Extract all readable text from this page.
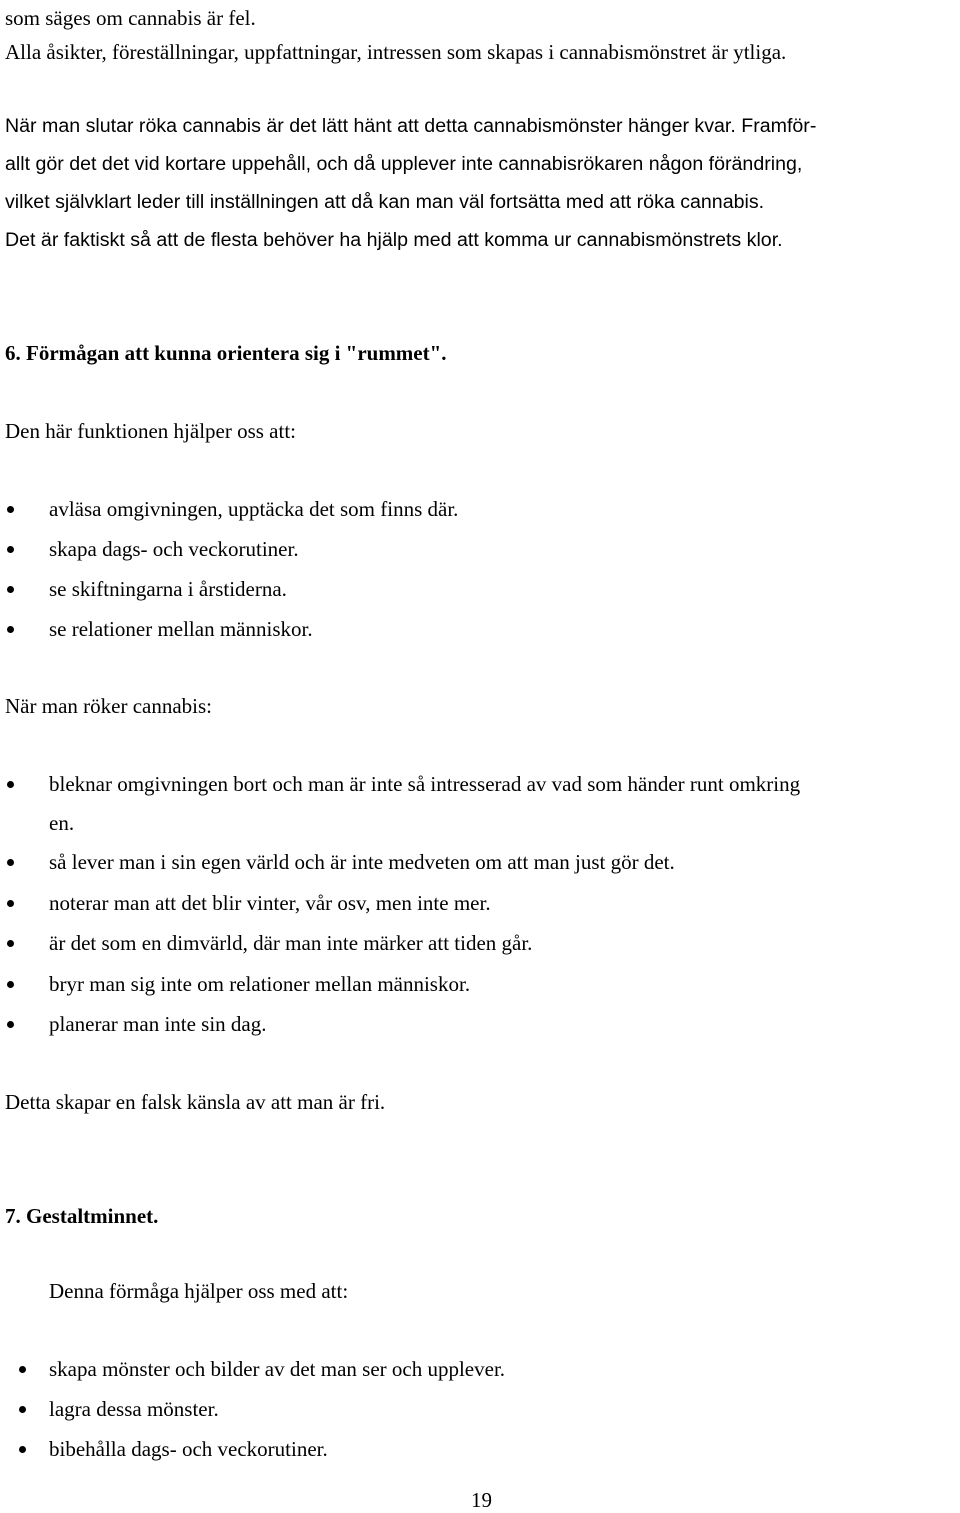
som säges om cannabis är fel.
Alla åsikter, föreställningar, uppfattningar, intressen som skapas i cannabismönstret är ytliga.
När man slutar röka cannabis är det lätt hänt att detta cannabismönster hänger kvar. Framför-
allt gör det det vid kortare uppehåll, och då upplever inte cannabisrökaren någon förändring,
vilket självklart leder till inställningen att då kan man väl fortsätta med att röka cannabis.
Det är faktiskt så att de flesta behöver ha hjälp med att komma ur cannabismönstrets klor.
6. Förmågan att kunna orientera sig i "rummet".
Den här funktionen hjälper oss att:
avläsa omgivningen, upptäcka det som finns där.
skapa dags- och veckorutiner.
se skiftningarna i årstiderna.
se relationer mellan människor.
När man röker cannabis:
bleknar omgivningen bort och man är inte så intresserad av vad som händer runt omkring
en.
så lever man i sin egen värld och är inte medveten om att man just gör det.
noterar man att det blir vinter, vår osv, men inte mer.
är det som en dimvärld, där man inte märker att tiden går.
bryr man sig inte om relationer mellan människor.
planerar man inte sin dag.
Detta skapar en falsk känsla av att man är fri.
7. Gestaltminnet.
Denna förmåga hjälper oss med att:
skapa mönster och bilder av det man ser och upplever.
lagra dessa mönster.
bibehålla dags- och veckorutiner.
19
